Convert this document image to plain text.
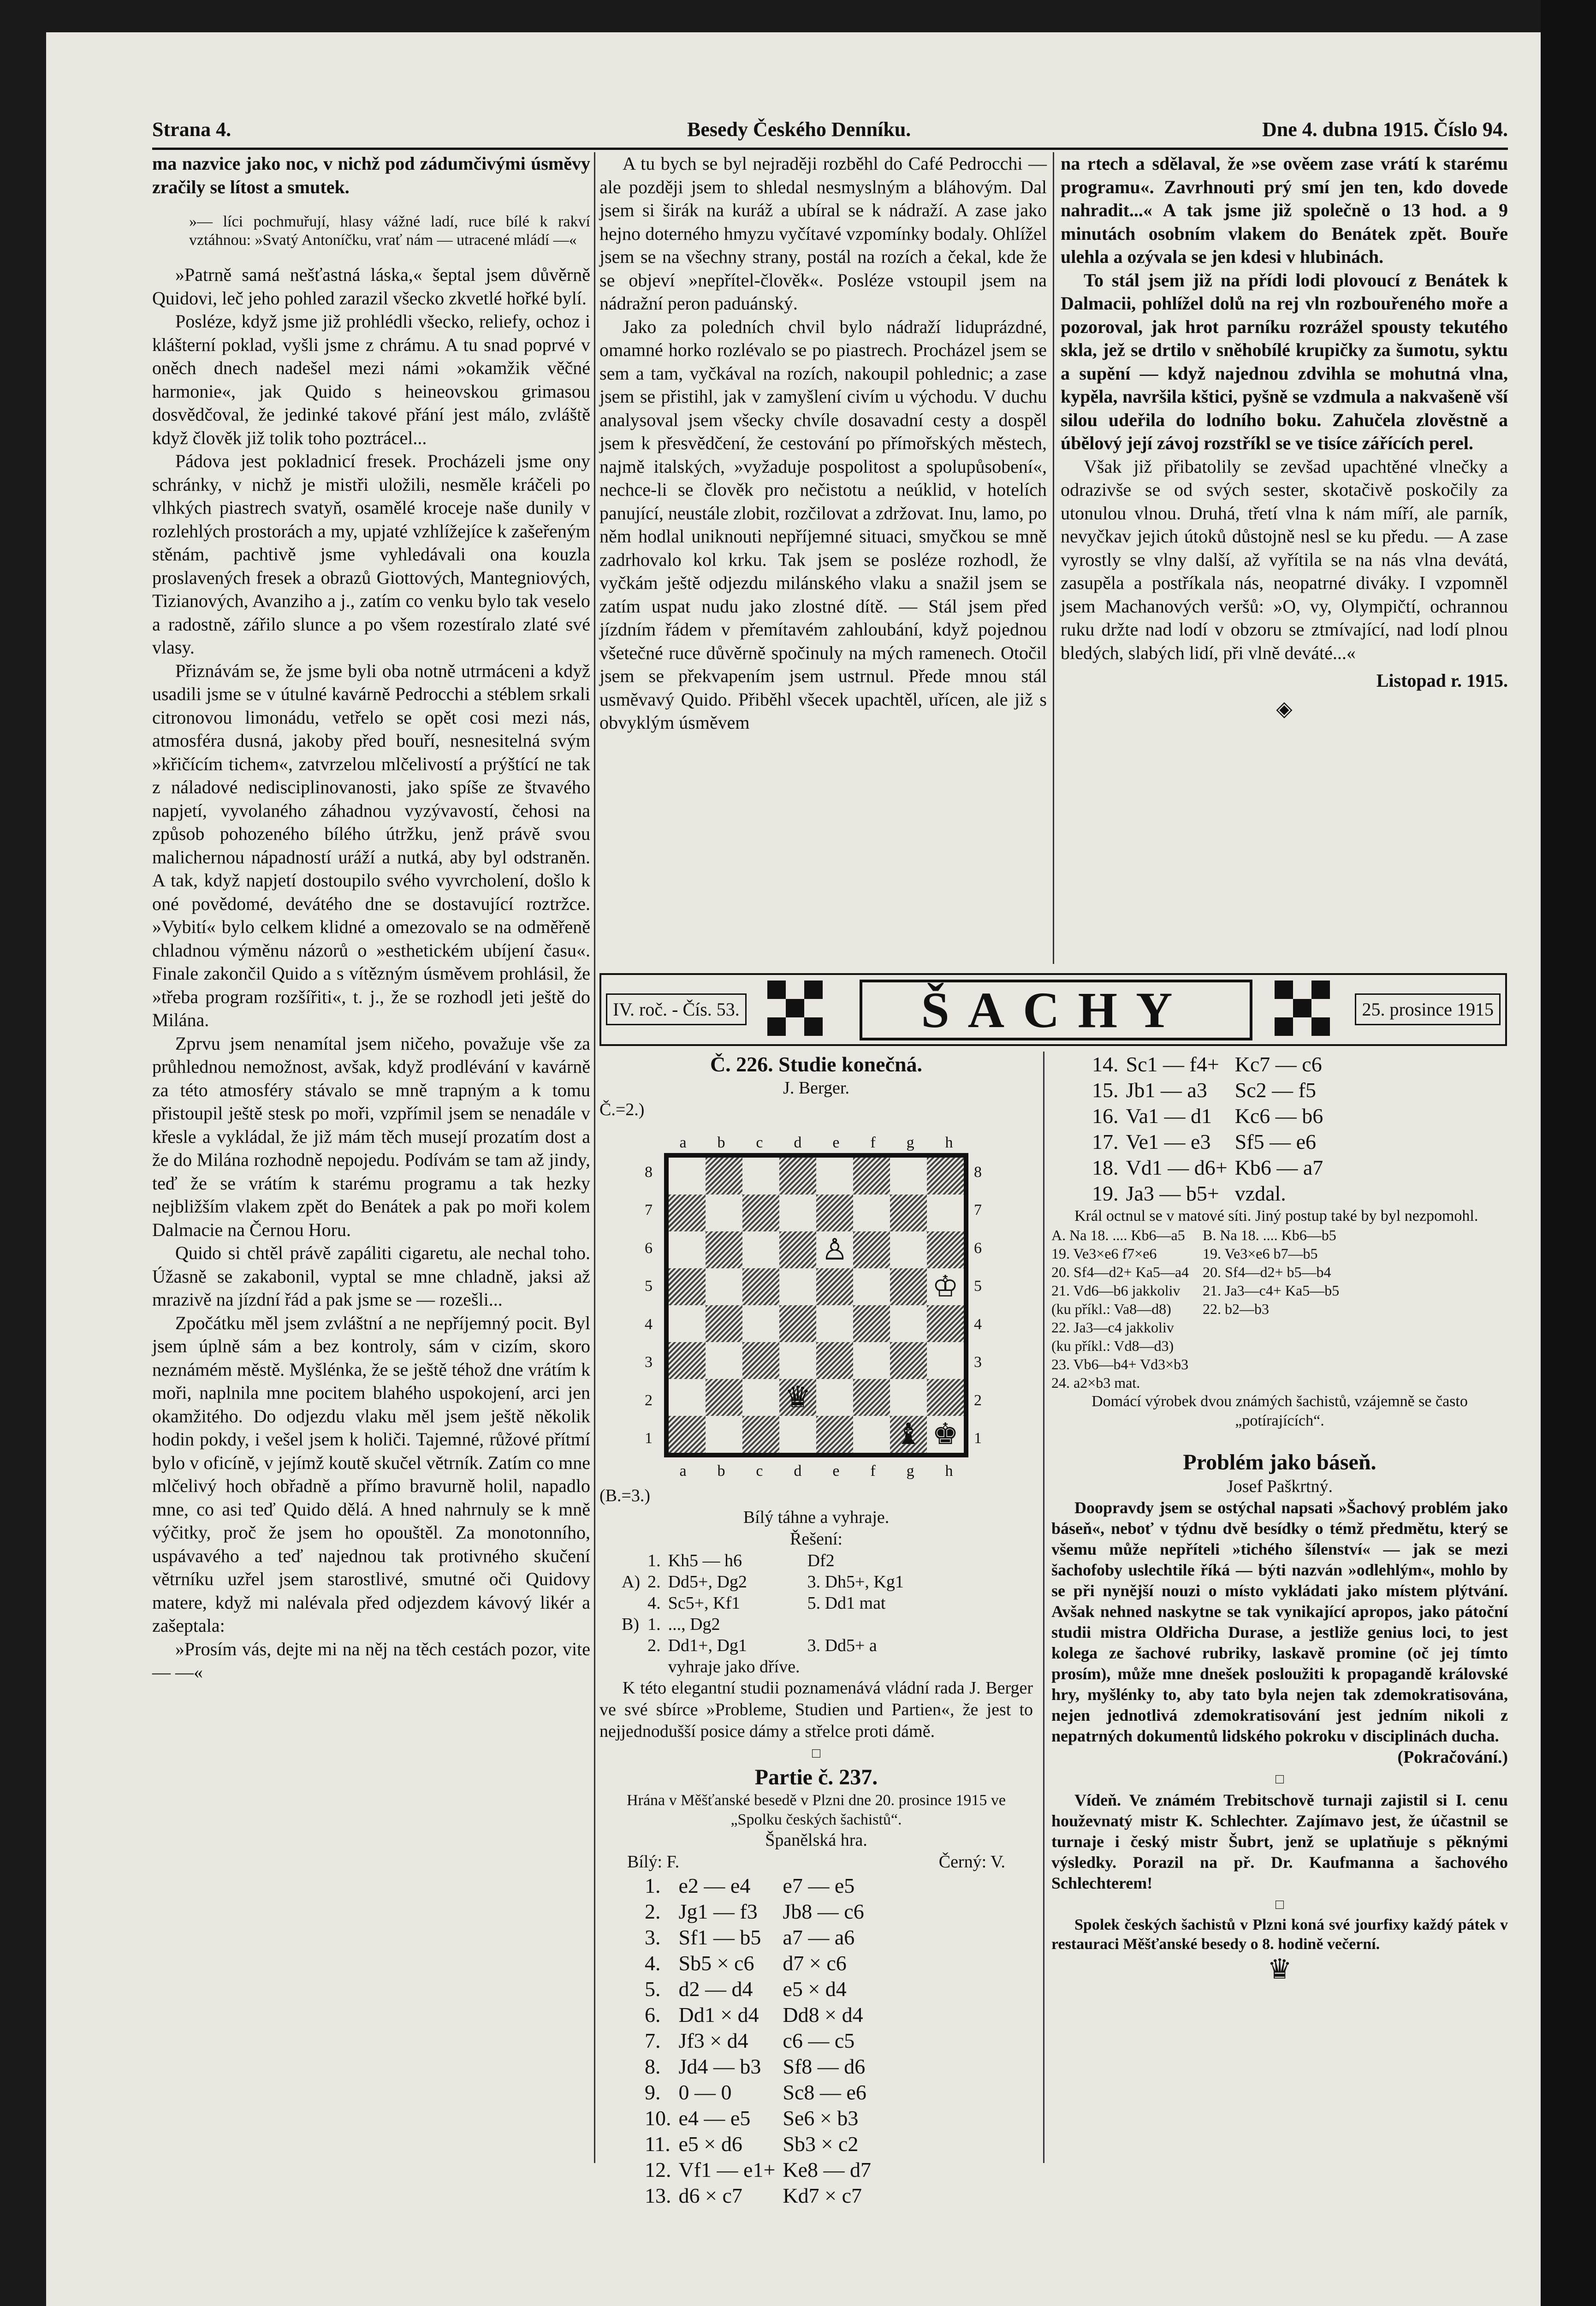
Strana 4.	Besedy Českého Denníku.	Dne 4. dubna 1915. Číslo 94.

ma nazvice jako noc, v nichž pod zádumčivými úsměvy zračily se lítost a smutek.

»— líci pochmuřují, hlasy vážné ladí, ruce bílé k rakví vztáhnou: »Svatý Antoníčku, vrať nám — utracené mládí —«

»Patrně samá nešťastná láska,« šeptal jsem důvěrně Quidovi, leč jeho pohled zarazil všecko zkvetlé hořké bylí.

Posléze, když jsme již prohlédli všecko, reliefy, ochoz i klášterní poklad, vyšli jsme z chrámu. A tu snad poprvé v oněch dnech nadešel mezi námi »okamžik věčné harmonie«, jak Quido s heineovskou grimasou dosvědčoval, že jedinké takové přání jest málo, zvláště když člověk již tolik toho poztrácel...

Pádova jest pokladnicí fresek. Procházeli jsme ony schránky, v nichž je mistři uložili, nesměle kráčeli po vlhkých piastrech svatyň, osamělé kroceje naše dunily v rozlehlých prostorách a my, upjaté vzhlížejíce k zašeřeným stěnám, pachtivě jsme vyhledávali ona kouzla proslavených fresek a obrazů Giottových, Mantegniových, Tizianových, Avanziho a j., zatím co venku bylo tak veselo a radostně, zářilo slunce a po všem rozestíralo zlaté své vlasy.

Přiznávám se, že jsme byli oba notně utrmáceni a když usadili jsme se v útulné kavárně Pedrocchi a stéblem srkali citronovou limonádu, vetřelo se opět cosi mezi nás, atmosféra dusná, jakoby před bouří, nesnesitelná svým »křičícím tichem«, zatvrzelou mlčelivostí a prýštící ne tak z náladové nedisciplinovanosti, jako spíše ze štvavého napjetí, vyvolaného záhadnou vyzývavostí, čehosi na způsob pohozeného bílého útržku, jenž právě svou malichernou nápadností uráží a nutká, aby byl odstraněn. A tak, když napjetí dostoupilo svého vyvrcholení, došlo k oné povědomé, devátého dne se dostavující roztržce. »Vybití« bylo celkem klidné a omezovalo se na odměřeně chladnou výměnu názorů o »esthetickém ubíjení času«. Finale zakončil Quido a s vítězným úsměvem prohlásil, že »třeba program rozšířiti«, t. j., že se rozhodl jeti ještě do Milána.

Zprvu jsem nenamítal jsem ničeho, považuje vše za průhlednou nemožnost, avšak, když prodlévání v kavárně za této atmosféry stávalo se mně trapným a k tomu přistoupil ještě stesk po moři, vzpřímil jsem se nenadále v křesle a vykládal, že již mám těch musejí prozatím dost a že do Milána rozhodně nepojedu. Podívám se tam až jindy, teď že se vrátím k starému programu a tak hezky nejbližším vlakem zpět do Benátek a pak po moři kolem Dalmacie na Černou Horu.

Quido si chtěl právě zapáliti cigaretu, ale nechal toho. Úžasně se zakabonil, vyptal se mne chladně, jaksi až mrazivě na jízdní řád a pak jsme se — rozešli...

Zpočátku měl jsem zvláštní a ne nepříjemný pocit. Byl jsem úplně sám a bez kontroly, sám v cizím, skoro neznámém městě. Myšlénka, že se ještě téhož dne vrátím k moři, naplnila mne pocitem blahého uspokojení, arci jen okamžitého. Do odjezdu vlaku měl jsem ještě několik hodin pokdy, i vešel jsem k holiči. Tajemné, růžové přítmí bylo v oficíně, v jejímž koutě skučel větrník. Zatím co mne mlčelivý hoch obřadně a přímo bravurně holil, napadlo mne, co asi teď Quido dělá. A hned nahrnuly se k mně výčitky, proč že jsem ho opouštěl. Za monotonního, uspávavého a teď najednou tak protivného skučení větrníku uzřel jsem starostlivé, smutné oči Quidovy matere, když mi nalévala před odjezdem kávový likér a zašeptala:

»Prosím vás, dejte mi na něj na těch cestách pozor, vite — —«

A tu bych se byl nejraději rozběhl do Café Pedrocchi — ale později jsem to shledal nesmyslným a bláhovým. Dal jsem si širák na kuráž a ubíral se k nádraží. A zase jako hejno doterného hmyzu vyčítavé vzpomínky bodaly. Ohlížel jsem se na všechny strany, postál na rozích a čekal, kde že se objeví »nepřítel-člověk«. Posléze vstoupil jsem na nádražní peron paduánský.

Jako za poledních chvil bylo nádraží liduprázdné, omamné horko rozlévalo se po piastrech. Procházel jsem se sem a tam, vyčkával na rozích, nakoupil pohlednic; a zase jsem se přistihl, jak v zamyšlení civím u východu. V duchu analysoval jsem všecky chvíle dosavadní cesty a dospěl jsem k přesvědčení, že cestování po přímořských městech, najmě italských, »vyžaduje pospolitost a spolupůsobení«, nechce-li se člověk pro nečistotu a neúklid, v hotelích panující, neustále zlobit, rozčilovat a zdržovat. Inu, lamo, po něm hodlal uniknouti nepříjemné situaci, smyčkou se mně zadrhovalo kol krku. Tak jsem se posléze rozhodl, že vyčkám ještě odjezdu milánského vlaku a snažil jsem se zatím uspat nudu jako zlostné dítě. — Stál jsem před jízdním řádem v přemítavém zahloubání, když pojednou všetečné ruce důvěrně spočinuly na mých ramenech. Otočil jsem se překvapením jsem ustrnul. Přede mnou stál usměvavý Quido. Přiběhl všecek upachtěl, uřícen, ale již s obvyklým úsměvem

na rtech a sdělaval, že »se ověem zase vrátí k starému programu«. Zavrhnouti prý smí jen ten, kdo dovede nahradit...« A tak jsme již společně o 13 hod. a 9 minutách osobním vlakem do Benátek zpět. Bouře ulehla a ozývala se jen kdesi v hlubinách.

To stál jsem již na přídi lodi plovoucí z Benátek k Dalmacii, pohlížel dolů na rej vln rozbouřeného moře a pozoroval, jak hrot parníku rozrážel spousty tekutého skla, jež se drtilo v sněhobílé krupičky za šumotu, syktu a supění — když najednou zdvihla se mohutná vlna, kypěla, navršila kštici, pyšně se vzdmula a nakvašeně vší silou udeřila do lodního boku. Zahučela zlověstně a úbělový její závoj rozstříkl se ve tisíce zářících perel.

Však již přibatolily se zevšad upachtěné vlnečky a odrazivše se od svých sester, skotačivě poskočily za utonulou vlnou. Druhá, třetí vlna k nám míří, ale parník, nevyčkav jejich útoků důstojně nesl se ku předu. — A zase vyrostly se vlny další, až vyřítila se na nás vlna devátá, zasupěla a postříkala nás, neopatrné diváky. I vzpomněl jsem Machanových veršů: »O, vy, Olympičtí, ochrannou ruku držte nad lodí v obzoru se ztmívající, nad lodí plnou bledých, slabých lidí, při vlně deváté...«

Listopad r. 1915.

◈

IV. roč. - Čís. 53.	ŠACHY	25. prosince 1915

Č. 226. Studie konečná.

J. Berger.

Č.=2.)

a b c d e f g h
a b c d e f g h
8
7
6
5
4
3
2
1
8
7
6
5
4
3
2
1
♙
♔
♛
♝ ♚

(B.=3.)

Bílý táhne a vyhraje.

Řešení:

	1.	Kh5 — h6	Df2
A)	2.	Dd5+, Dg2	3. Dh5+, Kg1
	4.	Sc5+, Kf1	5. Dd1 mat
B)	1.	..., Dg2	
	2.	Dd1+, Dg1	3. Dd5+ a
		vyhraje jako dříve.	

K této elegantní studii poznamenává vládní rada J. Berger ve své sbírce »Probleme, Studien und Partien«, že jest to nejjednodušší posice dámy a střelce proti dámě.

□

Partie č. 237.

Hrána v Měšťanské besedě v Plzni dne 20. prosince 1915 ve „Spolku českých šachistů“.

Španělská hra.

Bílý: F.	Černý: V.
1.	e2 — e4	e7 — e5
2.	Jg1 — f3	Jb8 — c6
3.	Sf1 — b5	a7 — a6
4.	Sb5 × c6	d7 × c6
5.	d2 — d4	e5 × d4
6.	Dd1 × d4	Dd8 × d4
7.	Jf3 × d4	c6 — c5
8.	Jd4 — b3	Sf8 — d6
9.	0 — 0	Sc8 — e6
10.	e4 — e5	Se6 × b3
11.	e5 × d6	Sb3 × c2
12.	Vf1 — e1+	Ke8 — d7
13.	d6 × c7	Kd7 × c7
14.	Sc1 — f4+	Kc7 — c6
15.	Jb1 — a3	Sc2 — f5
16.	Va1 — d1	Kc6 — b6
17.	Ve1 — e3	Sf5 — e6
18.	Vd1 — d6+	Kb6 — a7
19.	Ja3 — b5+	vzdal.

Král octnul se v matové síti. Jiný postup také by byl nezpomohl.

A. Na 18. .... Kb6—a5
19. Ve3×e6 f7×e6
20. Sf4—d2+ Ka5—a4
21. Vd6—b6 jakkoliv
(ku příkl.: Va8—d8)
22. Ja3—c4 jakkoliv
(ku příkl.: Vd8—d3)
23. Vb6—b4+ Vd3×b3
24. a2×b3 mat.
B. Na 18. .... Kb6—b5
19. Ve3×e6 b7—b5
20. Sf4—d2+ b5—b4
21. Ja3—c4+ Ka5—b5
22. b2—b3

Domácí výrobek dvou známých šachistů, vzájemně se často „potírajících“.

Problém jako báseň.

Josef Paškrtný.

Doopravdy jsem se ostýchal napsati »Šachový problém jako báseň«, neboť v týdnu dvě besídky o témž předmětu, který se všemu může nepříteli »tichého šílenství« — jak se mezi šachofoby uslechtile říká — býti nazván »odlehlým«, mohlo by se při nynější nouzi o místo vykládati jako místem plýtvání. Avšak nehned naskytne se tak vynikající apropos, jako pátoční studii mistra Oldřicha Durase, a jestliže genius loci, to jest kolega ze šachové rubriky, laskavě promine (oč jej tímto prosím), může mne dnešek posloužiti k propagandě královské hry, myšlénky to, aby tato byla nejen tak zdemokratisována, nejen jednotlivá zdemokratisování jest jedním nikoli z nepatrných dokumentů lidského pokroku v disciplinách ducha.

(Pokračování.)

□

Vídeň. Ve známém Trebitschově turnaji zajistil si I. cenu houževnatý mistr K. Schlechter. Zajímavo jest, že účastnil se turnaje i český mistr Šubrt, jenž se uplatňuje s pěknými výsledky. Porazil na př. Dr. Kaufmanna a šachového Schlechterem!

□

Spolek českých šachistů v Plzni koná své jourfixy každý pátek v restauraci Měšťanské besedy o 8. hodině večerní.

♛
